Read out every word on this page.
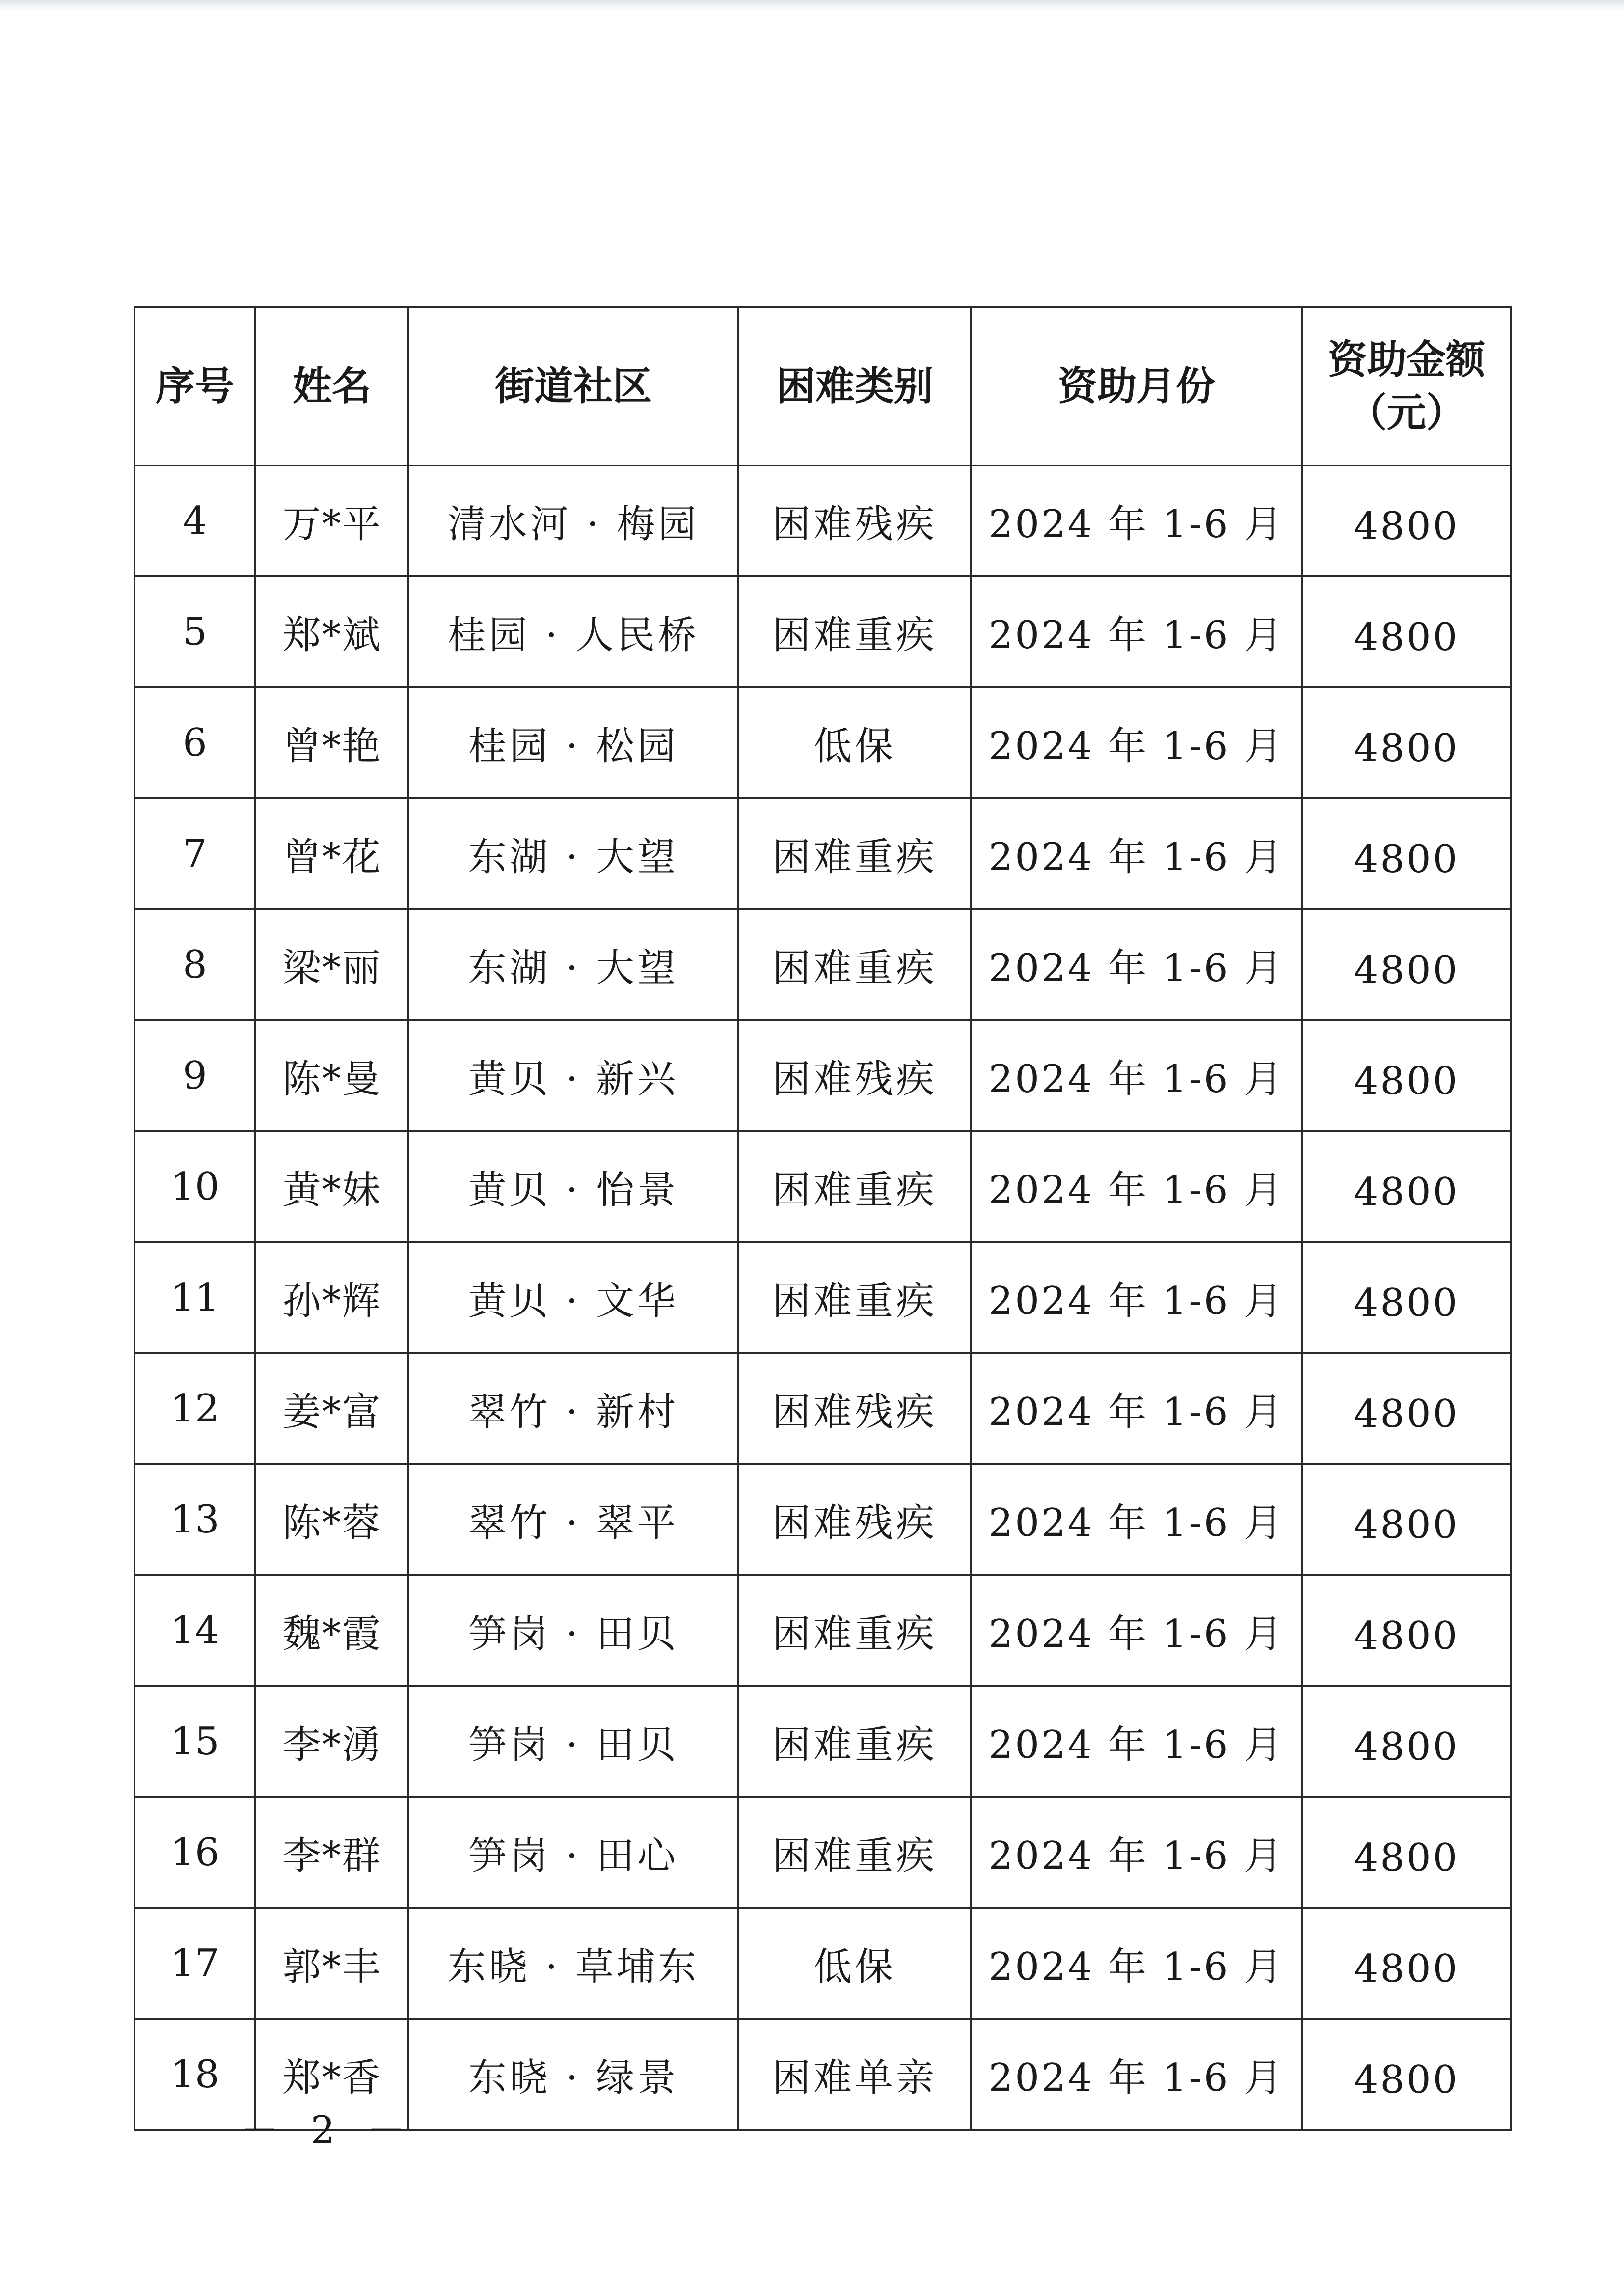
序号	姓名	街道社区	困难类别	资助月份	资助金额
（元）

4	万*平	清水河 · 梅园	困难残疾	2024 年 1-6 月	4800
5	郑*斌	桂园 · 人民桥	困难重疾	2024 年 1-6 月	4800
6	曾*艳	桂园 · 松园	低保	2024 年 1-6 月	4800
7	曾*花	东湖 · 大望	困难重疾	2024 年 1-6 月	4800
8	梁*丽	东湖 · 大望	困难重疾	2024 年 1-6 月	4800
9	陈*曼	黄贝 · 新兴	困难残疾	2024 年 1-6 月	4800
10	黄*妹	黄贝 · 怡景	困难重疾	2024 年 1-6 月	4800
11	孙*辉	黄贝 · 文华	困难重疾	2024 年 1-6 月	4800
12	姜*富	翠竹 · 新村	困难残疾	2024 年 1-6 月	4800
13	陈*蓉	翠竹 · 翠平	困难残疾	2024 年 1-6 月	4800
14	魏*霞	笋岗 · 田贝	困难重疾	2024 年 1-6 月	4800
15	李*湧	笋岗 · 田贝	困难重疾	2024 年 1-6 月	4800
16	李*群	笋岗 · 田心	困难重疾	2024 年 1-6 月	4800
17	郭*丰	东晓 · 草埔东	低保	2024 年 1-6 月	4800
18	郑*香	东晓 · 绿景	困难单亲	2024 年 1-6 月	4800
－ 2 －
